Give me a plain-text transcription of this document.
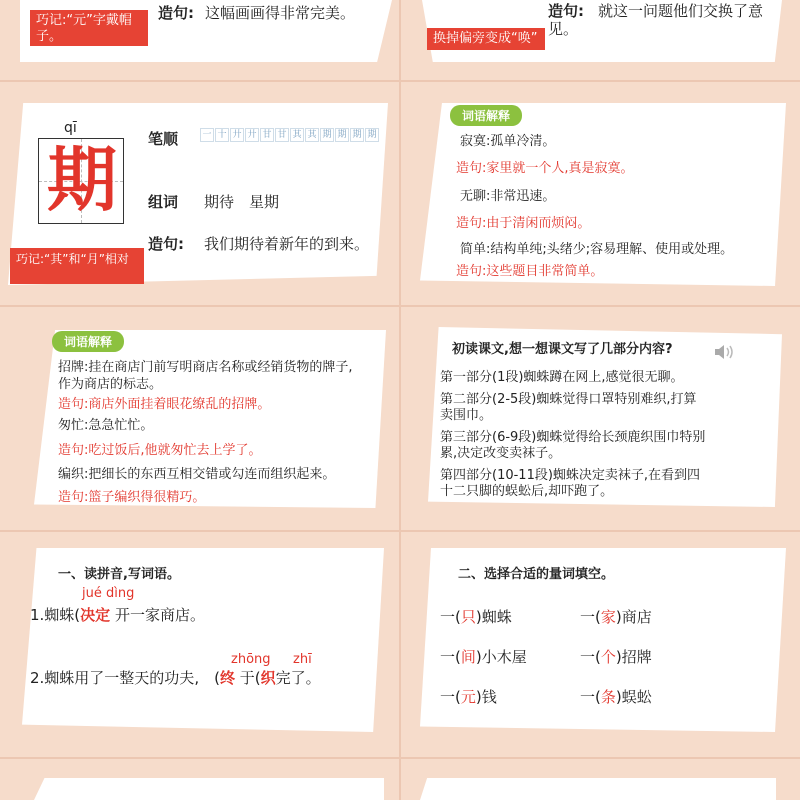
巧记:“元”字戴帽子。
造句: 这幅画画得非常完美。
换掉偏旁变成“唤”
造句: 就这一问题他们交换了意
见。
qī
期	笔顺	一 十 廾 廾 甘 甘 其 其 期 期 期 期
组词 期待　星期
造句: 我们期待着新年的到来。
巧记:“其”和“月”相对
词语解释
寂寞:孤单冷清。
造句:家里就一个人,真是寂寞。
无聊:非常迅速。
造句:由于清闲而烦闷。
简单:结构单纯;头绪少;容易理解、使用或处理。
造句:这些题目非常简单。
词语解释
招牌:挂在商店门前写明商店名称或经销货物的牌子,
作为商店的标志。
造句:商店外面挂着眼花缭乱的招牌。
匆忙:急急忙忙。
造句:吃过饭后,他就匆忙去上学了。
编织:把细长的东西互相交错或勾连而组织起来。
造句:篮子编织得很精巧。
初读课文,想一想课文写了几部分内容?
第一部分(1段)蜘蛛蹲在网上,感觉很无聊。
第二部分(2-5段)蜘蛛觉得口罩特别难织,打算
卖围巾。
第三部分(6-9段)蜘蛛觉得给长颈鹿织围巾特别
累,决定改变卖袜子。
第四部分(10-11段)蜘蛛决定卖袜子,在看到四
十二只脚的蜈蚣后,却吓跑了。
一、读拼音,写词语。
jué dìng
1.蜘蛛(决定 开一家商店。
zhōng zhī
2.蜘蛛用了一整天的功夫,　 (终 于(织完了。
二、选择合适的量词填空。
一(只)蜘蛛	一(家)商店
一(间)小木屋	一(个)招牌
一(元)钱	一(条)蜈蚣
